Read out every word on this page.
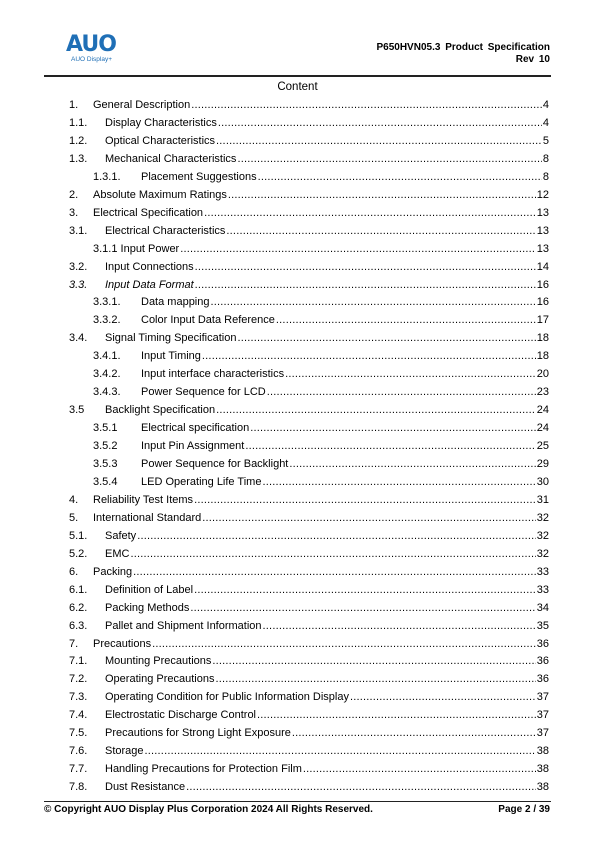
AUO
AUO Display+
P650HVN05.3 Product Specification
Rev 10
Content
1.	General Description .....	4
1.1.	Display Characteristics .....	4
1.2.	Optical Characteristics .....	5
1.3.	Mechanical Characteristics .....	8
1.3.1.	Placement Suggestions .....	8
2.	Absolute Maximum Ratings .....	12
3.	Electrical Specification .....	13
3.1.	Electrical Characteristics .....	13
3.1.1 Input Power .....	13
3.2.	Input Connections .....	14
3.3.	Input Data Format .....	16
3.3.1.	Data mapping .....	16
3.3.2.	Color Input Data Reference .....	17
3.4.	Signal Timing Specification .....	18
3.4.1.	Input Timing .....	18
3.4.2.	Input interface characteristics .....	20
3.4.3.	Power Sequence for LCD .....	23
3.5	Backlight Specification .....	24
3.5.1	Electrical specification .....	24
3.5.2	Input Pin Assignment .....	25
3.5.3	Power Sequence for Backlight .....	29
3.5.4	LED Operating Life Time .....	30
4.	Reliability Test Items .....	31
5.	International Standard .....	32
5.1.	Safety .....	32
5.2.	EMC .....	32
6.	Packing .....	33
6.1.	Definition of Label .....	33
6.2.	Packing Methods .....	34
6.3.	Pallet and Shipment Information .....	35
7.	Precautions .....	36
7.1.	Mounting Precautions .....	36
7.2.	Operating Precautions .....	36
7.3.	Operating Condition for Public Information Display .....	37
7.4.	Electrostatic Discharge Control .....	37
7.5.	Precautions for Strong Light Exposure .....	37
7.6.	Storage .....	38
7.7.	Handling Precautions for Protection Film .....	38
7.8.	Dust Resistance .....	38
© Copyright AUO Display Plus Corporation 2024 All Rights Reserved.	Page 2 / 39
